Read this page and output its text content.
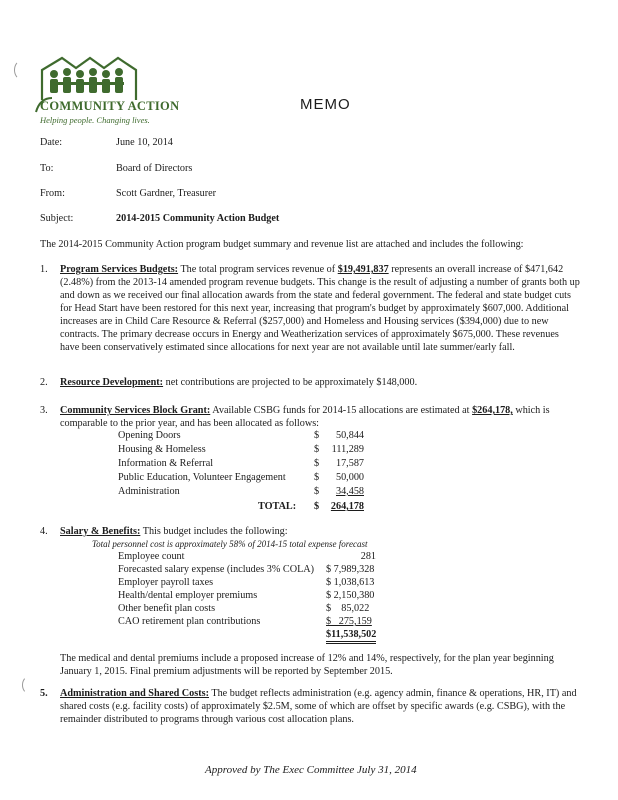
COMMUNITY ACTION
Helping people. Changing lives.
MEMO
Date:	June 10, 2014
To:	Board of Directors
From:	Scott Gardner, Treasurer
Subject:	2014-2015 Community Action Budget
The 2014-2015 Community Action program budget summary and revenue list are attached and includes the following:
1. Program Services Budgets: The total program services revenue of $19,491,837 represents an overall increase of $471,642 (2.48%) from the 2013-14 amended program revenue budgets. This change is the result of adjusting a number of grants both up and down as we received our final allocation awards from the state and federal government. The federal and state budget cuts for Head Start have been restored for this next year, increasing that program's budget by approximately $607,000. Additional increases are in Child Care Resource & Referral ($257,000) and Homeless and Housing services ($394,000) due to new contracts. The primary decrease occurs in Energy and Weatherization services of approximately $675,000. These revenues have been conservatively estimated since allocations for next year are not available until late summer/early fall.
2. Resource Development: net contributions are projected to be approximately $148,000.
3. Community Services Block Grant: Available CSBG funds for 2014-15 allocations are estimated at $264,178, which is comparable to the prior year, and has been allocated as follows:
Opening Doors	$	50,844
Housing & Homeless	$ 111,289
Information & Referral	$	17,587
Public Education, Volunteer Engagement	$	50,000
Administration	$	34,458
TOTAL: $ 264,178
4. Salary & Benefits: This budget includes the following:
Total personnel cost is approximately 58% of 2014-15 total expense forecast
Employee count	281
Forecasted salary expense (includes 3% COLA) $ 7,989,328
Employer payroll taxes	$ 1,038,613
Health/dental employer premiums	$ 2,150,380
Other benefit plan costs	$    85,022
CAO retirement plan contributions	$   275,159
$11,538,502
The medical and dental premiums include a proposed increase of 12% and 14%, respectively, for the plan year beginning January 1, 2015. Final premium adjustments will be reported by September 2015.
5. Administration and Shared Costs: The budget reflects administration (e.g. agency admin, finance & operations, HR, IT) and shared costs (e.g. facility costs) of approximately $2.5M, some of which are offset by specific awards (e.g. CSBG), with the remainder distributed to programs through various cost allocation plans.
Approved by The Exec Committee July 31, 2014
